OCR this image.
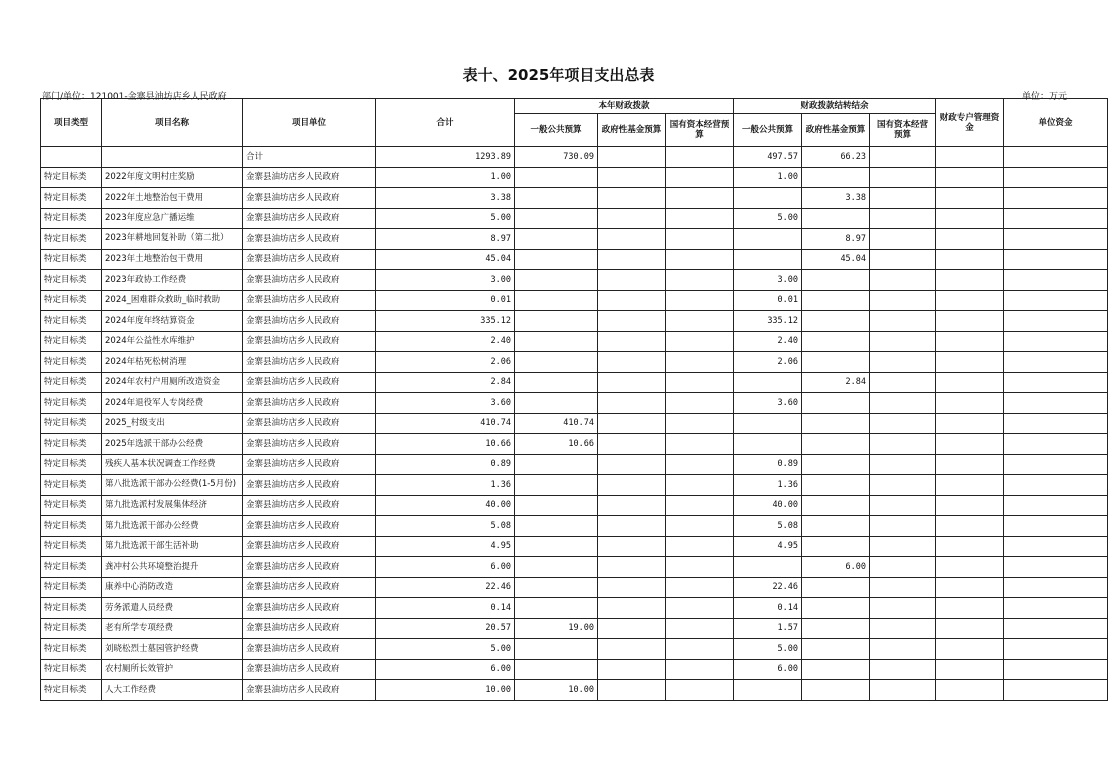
表十、2025年项目支出总表
部门/单位：121001-金寨县油坊店乡人民政府	单位：万元
项目类型	项目名称	项目单位	合计	本年财政拨款			财政拨款结转结余			财政专户管理资金	单位资金
				一般公共预算	政府性基金预算	国有资本经营预算	一般公共预算	政府性基金预算	国有资本经营预算		
		合计	1293.89	730.09			497.57	66.23			
特定目标类	2022年度文明村庄奖励	金寨县油坊店乡人民政府	1.00				1.00				
特定目标类	2022年土地整治包干费用	金寨县油坊店乡人民政府	3.38					3.38			
特定目标类	2023年度应急广播运维	金寨县油坊店乡人民政府	5.00				5.00				
特定目标类	2023年耕地回复补助（第二批）	金寨县油坊店乡人民政府	8.97					8.97			
特定目标类	2023年土地整治包干费用	金寨县油坊店乡人民政府	45.04					45.04			
特定目标类	2023年政协工作经费	金寨县油坊店乡人民政府	3.00				3.00				
特定目标类	2024_困难群众救助_临时救助	金寨县油坊店乡人民政府	0.01				0.01				
特定目标类	2024年度年终结算资金	金寨县油坊店乡人民政府	335.12				335.12				
特定目标类	2024年公益性水库维护	金寨县油坊店乡人民政府	2.40				2.40				
特定目标类	2024年枯死松树消理	金寨县油坊店乡人民政府	2.06				2.06				
特定目标类	2024年农村户用厕所改造资金	金寨县油坊店乡人民政府	2.84					2.84			
特定目标类	2024年退役军人专岗经费	金寨县油坊店乡人民政府	3.60				3.60				
特定目标类	2025_村级支出	金寨县油坊店乡人民政府	410.74	410.74							
特定目标类	2025年选派干部办公经费	金寨县油坊店乡人民政府	10.66	10.66							
特定目标类	残疾人基本状况调查工作经费	金寨县油坊店乡人民政府	0.89				0.89				
特定目标类	第八批选派干部办公经费(1-5月份)	金寨县油坊店乡人民政府	1.36				1.36				
特定目标类	第九批选派村发展集体经济	金寨县油坊店乡人民政府	40.00				40.00				
特定目标类	第九批选派干部办公经费	金寨县油坊店乡人民政府	5.08				5.08				
特定目标类	第九批选派干部生活补助	金寨县油坊店乡人民政府	4.95				4.95				
特定目标类	龚冲村公共环境整治提升	金寨县油坊店乡人民政府	6.00					6.00			
特定目标类	康养中心消防改造	金寨县油坊店乡人民政府	22.46				22.46				
特定目标类	劳务派遣人员经费	金寨县油坊店乡人民政府	0.14				0.14				
特定目标类	老有所学专项经费	金寨县油坊店乡人民政府	20.57	19.00			1.57				
特定目标类	刘晓松烈士墓园管护经费	金寨县油坊店乡人民政府	5.00				5.00				
特定目标类	农村厕所长效管护	金寨县油坊店乡人民政府	6.00				6.00				
特定目标类	人大工作经费	金寨县油坊店乡人民政府	10.00	10.00							
